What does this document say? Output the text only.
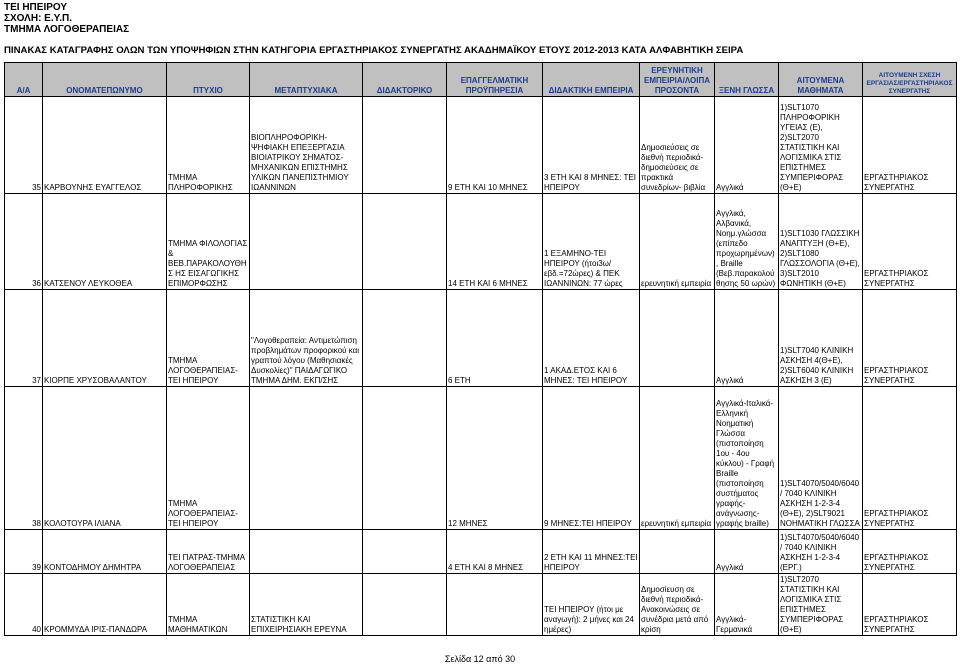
ΤΕΙ ΗΠΕΙΡΟΥ
ΣΧΟΛΗ: Ε.Υ.Π.
ΤΜΗΜΑ ΛΟΓΟΘΕΡΑΠΕΙΑΣ
ΠΙΝΑΚΑΣ ΚΑΤΑΓΡΑΦΗΣ ΟΛΩΝ ΤΩΝ ΥΠΟΨΗΦΙΩΝ ΣΤΗΝ ΚΑΤΗΓΟΡΙΑ ΕΡΓΑΣΤΗΡΙΑΚΟΣ ΣΥΝΕΡΓΑΤΗΣ ΑΚΑΔΗΜΑΪΚΟΥ ΕΤΟΥΣ 2012-2013 ΚΑΤΑ ΑΛΦΑΒΗΤΙΚΗ ΣΕΙΡΑ
Α/Α	ΟΝΟΜΑΤΕΠΩΝΥΜΟ	ΠΤΥΧΙΟ	ΜΕΤΑΠΤΥΧΙΑΚΑ	ΔΙΔΑΚΤΟΡΙΚΟ	ΕΠΑΓΓΕΛΜΑΤΙΚΗ ΠΡΟΫΠΗΡΕΣΙΑ	ΔΙΔΑΚΤΙΚΗ ΕΜΠΕΙΡΙΑ	ΕΡΕΥΝΗΤΙΚΗ ΕΜΠΕΙΡΙΑ/ΛΟΙΠΑ ΠΡΟΣΟΝΤΑ	ΞΕΝΗ ΓΛΩΣΣΑ	ΑΙΤΟΥΜΕΝΑ ΜΑΘΗΜΑΤΑ	ΑΙΤΟΥΜΕΝΗ ΣΧΕΣΗ ΕΡΓΑΣΙΑΣ/ΕΡΓΑΣΤΗΡΙΑΚΟΣ ΣΥΝΕΡΓΑΤΗΣ
35	ΚΑΡΒΟΥΝΗΣ ΕΥΑΓΓΕΛΟΣ	ΤΜΗΜΑ ΠΛΗΡΟΦΟΡΙΚΗΣ	ΒΙΟΠΛΗΡΟΦΟΡΙΚΗ- ΨΗΦΙΑΚΗ ΕΠΕΞΕΡΓΑΣΙΑ ΒΙΟΙΑΤΡΙΚΟΥ ΣΗΜΑΤΟΣ- ΜΗΧΑΝΙΚΩΝ ΕΠΙΣΤΗΜΗΣ ΥΛΙΚΩΝ ΠΑΝΕΠΙΣΤΗΜΙΟΥ ΙΩΑΝΝΙΝΩΝ		9 ΕΤΗ ΚΑΙ 10 ΜΗΝΕΣ	3 ΕΤΗ ΚΑΙ 8 ΜΗΝΕΣ: ΤΕΙ ΗΠΕΙΡΟΥ	Δημοσιεύσεις σε διεθνή περιοδικά- δημοσιεύσεις σε πρακτικά συνεδρίων- βιβλία	Αγγλικά	1)SLT1070 ΠΛΗΡΟΦΟΡΙΚΗ ΥΓΕΙΑΣ (Ε), 2)SLT2070 ΣΤΑΤΙΣΤΙΚΗ ΚΑΙ ΛΟΓΙΣΜΙΚΑ ΣΤΙΣ ΕΠΙΣΤΗΜΕΣ ΣΥΜΠΕΡΙΦΟΡΑΣ (Θ+Ε)	ΕΡΓΑΣΤΗΡΙΑΚΟΣ ΣΥΝΕΡΓΑΤΗΣ
36	ΚΑΤΣΕΝΟΥ ΛΕΥΚΟΘΕΑ	ΤΜΗΜΑ ΦΙΛΟΛΟΓΙΑΣ & ΒΕΒ.ΠΑΡΑΚΟΛΟΥΘΗΣ ΗΣ ΕΙΣΑΓΩΓΙΚΗΣ ΕΠΙΜΟΡΦΩΣΗΣ			14 ΕΤΗ ΚΑΙ 6 ΜΗΝΕΣ	1 ΕΞΑΜΗΝΟ-ΤΕΙ ΗΠΕΙΡΟΥ (ήτοι3ω/εβδ.=72ώρες) & ΠΕΚ ΙΩΑΝΝΙΝΩΝ: 77 ώρες	ερευνητική εμπειρία	Αγγλικά, Αλβανικά, Νοημ.γλώσσα (επίπεδο προχωρημένων) , Braille (Βεβ.παρακολού θησης 50 ωρών)	1)SLT1030 ΓΛΩΣΣΙΚΗ ΑΝΑΠΤΥΞΗ (Θ+Ε), 2)SLT1080 ΓΛΩΣΣΟΛΟΓΙΑ (Θ+Ε), 3)SLT2010 ΦΩΝΗΤΙΚΗ (Θ+Ε)	ΕΡΓΑΣΤΗΡΙΑΚΟΣ ΣΥΝΕΡΓΑΤΗΣ
37	ΚΙΟΡΠΕ ΧΡΥΣΟΒΑΛΑΝΤΟΥ	ΤΜΗΜΑ ΛΟΓΟΘΕΡΑΠΕΙΑΣ-ΤΕΙ ΗΠΕΙΡΟΥ	"Λογοθεραπεία: Αντιμετώπιση προβλημάτων προφορικού και γραπτού λόγου (Μαθησιακές Δυσκολίες)" ΠΑΙΔΑΓΩΓΙΚΟ ΤΜΗΜΑ ΔΗΜ. ΕΚΠ/ΣΗΣ		6 ΕΤΗ	1 ΑΚΑΔ.ΕΤΟΣ ΚΑΙ 6 ΜΗΝΕΣ: ΤΕΙ ΗΠΕΙΡΟΥ		Αγγλικά	1)SLT7040 ΚΛΙΝΙΚΗ ΑΣΚΗΣΗ 4(Θ+Ε), 2)SLT6040 ΚΛΙΝΙΚΗ ΑΣΚΗΣΗ 3 (Ε)	ΕΡΓΑΣΤΗΡΙΑΚΟΣ ΣΥΝΕΡΓΑΤΗΣ
38	ΚΟΛΟΤΟΥΡΑ ΙΛΙΑΝΑ	ΤΜΗΜΑ ΛΟΓΟΘΕΡΑΠΕΙΑΣ-ΤΕΙ ΗΠΕΙΡΟΥ			12 ΜΗΝΕΣ	9 ΜΗΝΕΣ:ΤΕΙ ΗΠΕΙΡΟΥ	ερευνητική εμπειρία	Αγγλικά-Ιταλικά- Ελληνική Νοηματική Γλώσσα (πιστοποίηση 1ου - 4ου κύκλου) - Γραφή Braille (πιστοποίηση συστήματος γραφής- ανάγνωσης- γραφής braille)	1)SLT4070/5040/6040/ 7040 ΚΛΙΝΙΚΗ ΑΣΚΗΣΗ 1-2-3-4 (Θ+Ε), 2)SLT9021 ΝΟΗΜΑΤΙΚΗ ΓΛΩΣΣΑ	ΕΡΓΑΣΤΗΡΙΑΚΟΣ ΣΥΝΕΡΓΑΤΗΣ
39	ΚΟΝΤΟΔΗΜΟΥ ΔΗΜΗΤΡΑ	ΤΕΙ ΠΑΤΡΑΣ-ΤΜΗΜΑ ΛΟΓΟΘΕΡΑΠΕΙΑΣ			4 ΕΤΗ ΚΑΙ 8 ΜΗΝΕΣ	2 ΕΤΗ ΚΑΙ 11 ΜΗΝΕΣ:ΤΕΙ ΗΠΕΙΡΟΥ		Αγγλικά	1)SLT4070/5040/6040/ 7040 ΚΛΙΝΙΚΗ ΑΣΚΗΣΗ 1-2-3-4 (ΕΡΓ.)	ΕΡΓΑΣΤΗΡΙΑΚΟΣ ΣΥΝΕΡΓΑΤΗΣ
40	ΚΡΟΜΜΥΔΑ ΙΡΙΣ-ΠΑΝΔΩΡΑ	ΤΜΗΜΑ ΜΑΘΗΜΑΤΙΚΩΝ	ΣΤΑΤΙΣΤΙΚΗ ΚΑΙ ΕΠΙΧΕΙΡΗΣΙΑΚΗ ΕΡΕΥΝΑ			ΤΕΙ ΗΠΕΙΡΟΥ (ήτοι με αναγωγή): 2 μήνες και 24 ημέρες)	Δημοσίευση σε διεθνή περιοδικά- Ανακοινώσεις σε συνέδρια μετά από κρίση	Αγγλικά- Γερμανικά	1)SLT2070 ΣΤΑΤΙΣΤΙΚΗ ΚΑΙ ΛΟΓΙΣΜΙΚΑ ΣΤΙΣ ΕΠΙΣΤΗΜΕΣ ΣΥΜΠΕΡΙΦΟΡΑΣ (Θ+Ε)	ΕΡΓΑΣΤΗΡΙΑΚΟΣ ΣΥΝΕΡΓΑΤΗΣ
Σελίδα 12 από 30
